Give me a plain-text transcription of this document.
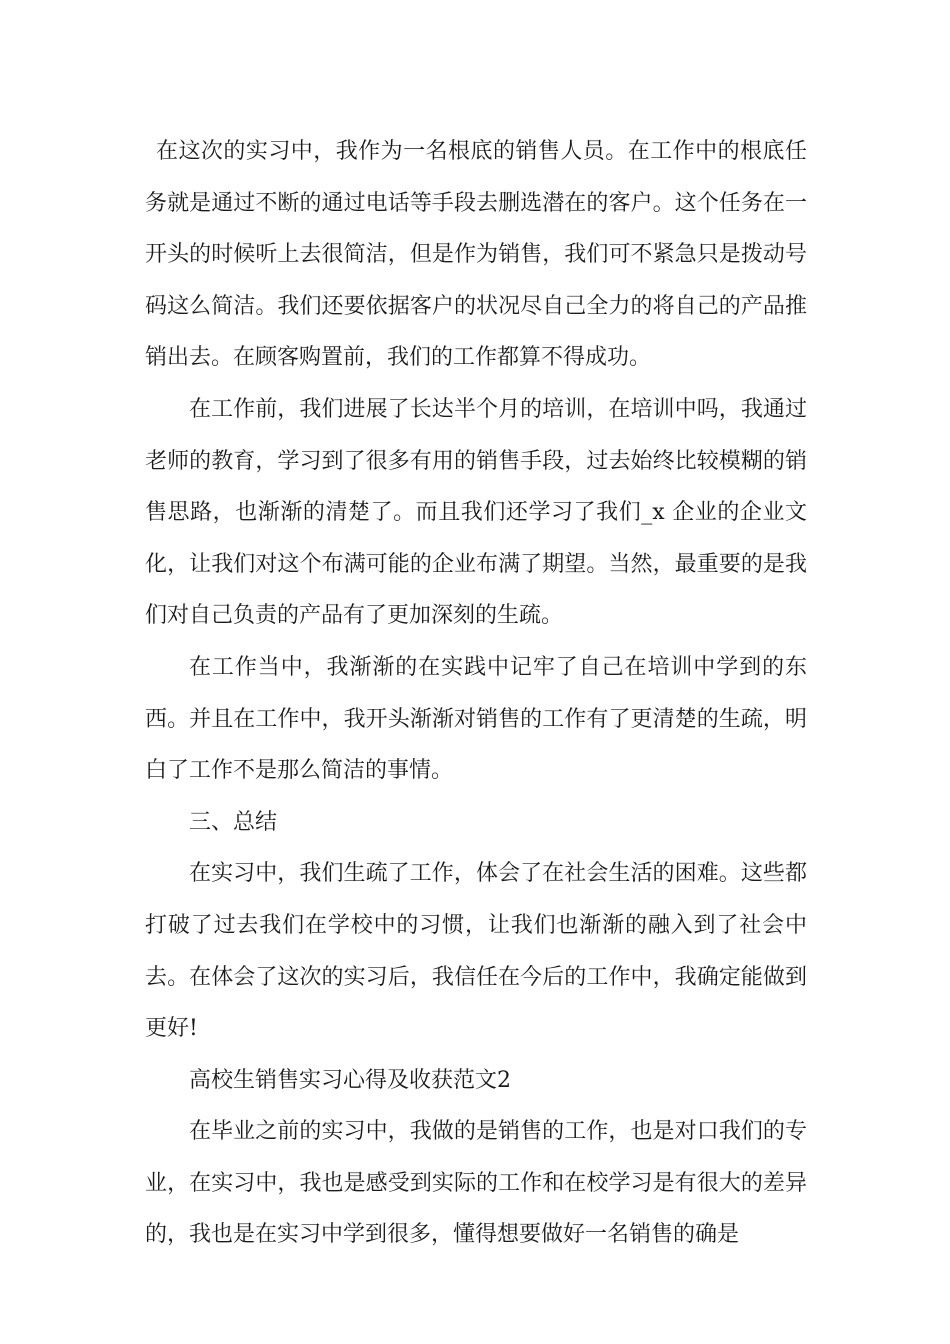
在这次的实习中，我作为一名根底的销售人员。在工作中的根底任务就是通过不断的通过电话等手段去删选潜在的客户。这个任务在一开头的时候听上去很简洁，但是作为销售，我们可不紧急只是拨动号码这么简洁。我们还要依据客户的状况尽自己全力的将自己的产品推销出去。在顾客购置前，我们的工作都算不得成功。

在工作前，我们进展了长达半个月的培训，在培训中吗，我通过老师的教育，学习到了很多有用的销售手段，过去始终比较模糊的销售思路，也渐渐的清楚了。而且我们还学习了我们_x 企业的企业文化，让我们对这个布满可能的企业布满了期望。当然，最重要的是我们对自己负责的产品有了更加深刻的生疏。

在工作当中，我渐渐的在实践中记牢了自己在培训中学到的东西。并且在工作中，我开头渐渐对销售的工作有了更清楚的生疏，明白了工作不是那么简洁的事情。

三、总结

在实习中，我们生疏了工作，体会了在社会生活的困难。这些都打破了过去我们在学校中的习惯，让我们也渐渐的融入到了社会中去。在体会了这次的实习后，我信任在今后的工作中，我确定能做到更好!

高校生销售实习心得及收获范文2

在毕业之前的实习中，我做的是销售的工作，也是对口我们的专业，在实习中，我也是感受到实际的工作和在校学习是有很大的差异的，我也是在实习中学到很多，懂得想要做好一名销售的确是
